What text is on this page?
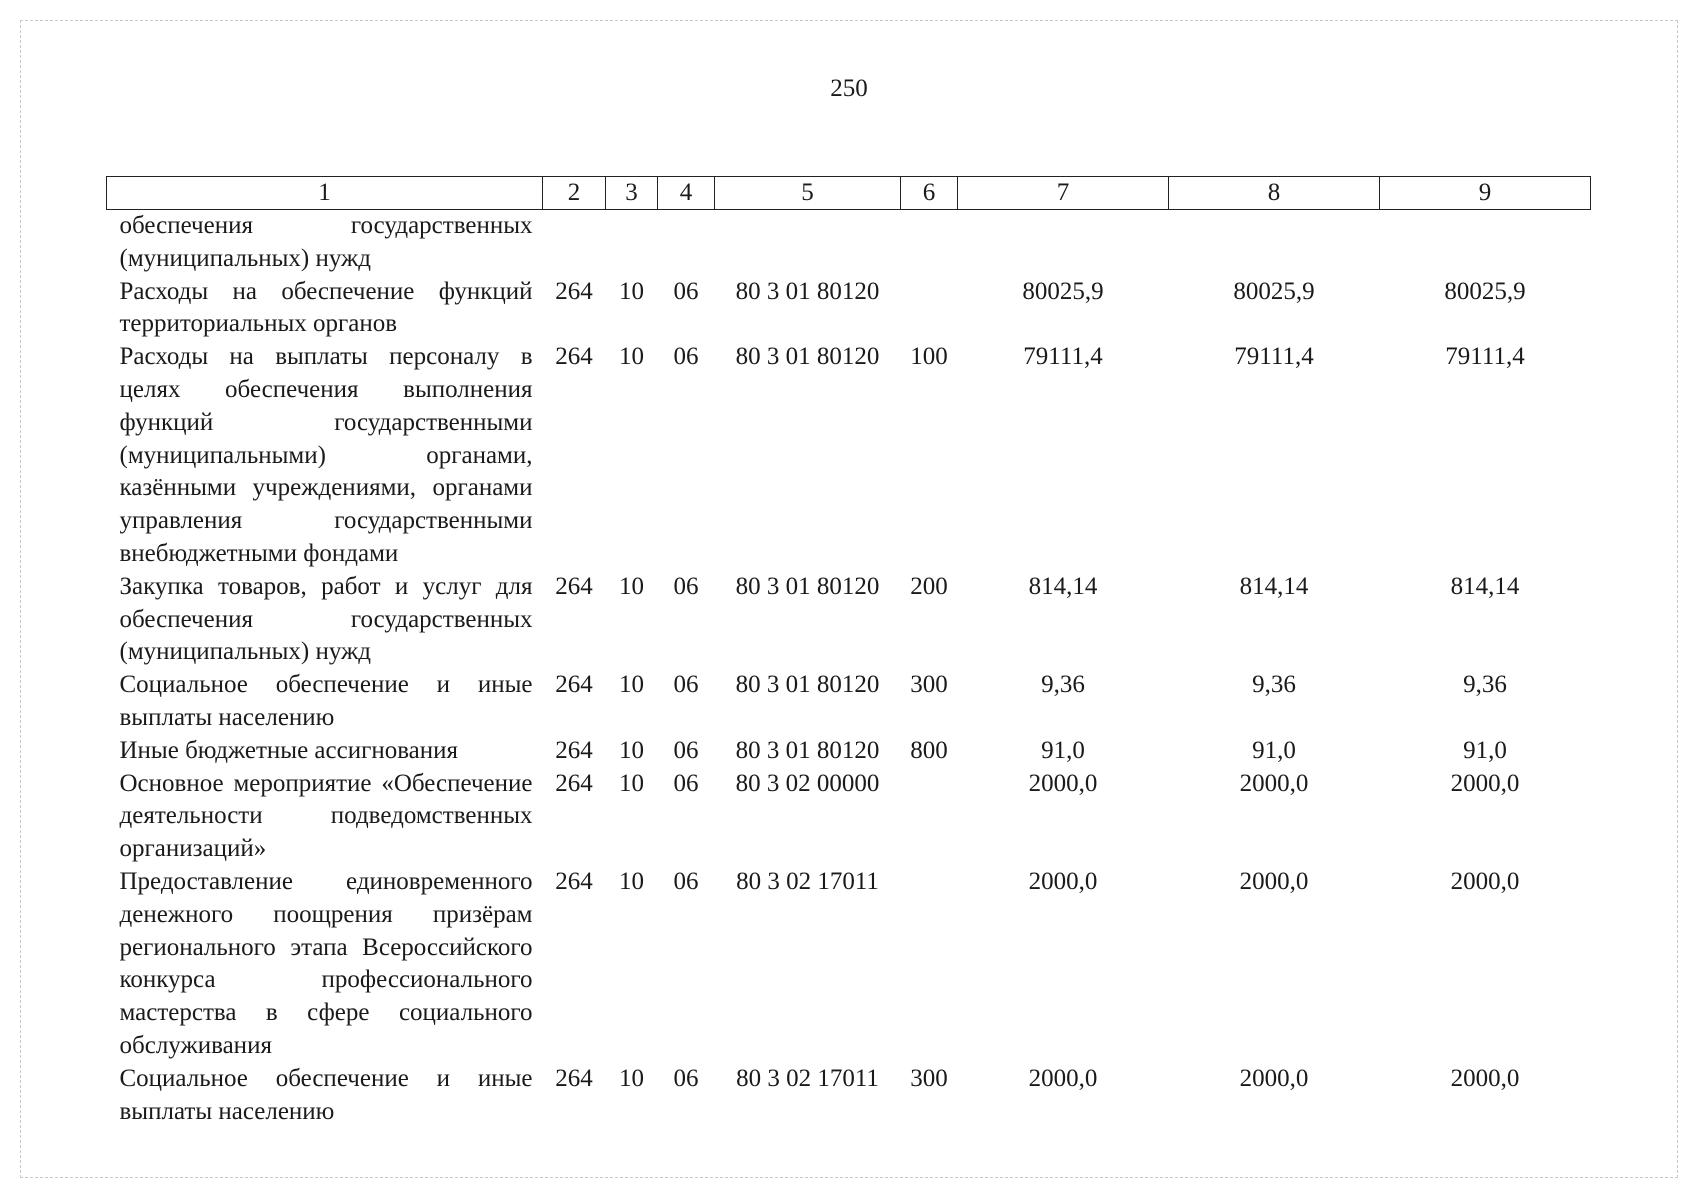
250
1	2	3	4	5	6	7	8	9
обеспечения государственных (муниципальных) нужд								
Расходы на обеспечение функций территориальных органов	264	10	06	80 3 01 80120		80025,9	80025,9	80025,9
Расходы на выплаты персоналу в целях обеспечения выполнения функций государственными (муниципальными) органами, казёнными учреждениями, органами управления государственными внебюджетными фондами	264	10	06	80 3 01 80120	100	79111,4	79111,4	79111,4
Закупка товаров, работ и услуг для обеспечения государственных (муниципальных) нужд	264	10	06	80 3 01 80120	200	814,14	814,14	814,14
Социальное обеспечение и иные выплаты населению	264	10	06	80 3 01 80120	300	9,36	9,36	9,36
Иные бюджетные ассигнования	264	10	06	80 3 01 80120	800	91,0	91,0	91,0
Основное мероприятие «Обеспечение деятельности подведомственных организаций»	264	10	06	80 3 02 00000		2000,0	2000,0	2000,0
Предоставление единовременного денежного поощрения призёрам регионального этапа Всероссийского конкурса профессионального мастерства в сфере социального обслуживания	264	10	06	80 3 02 17011		2000,0	2000,0	2000,0
Социальное обеспечение и иные выплаты населению	264	10	06	80 3 02 17011	300	2000,0	2000,0	2000,0
